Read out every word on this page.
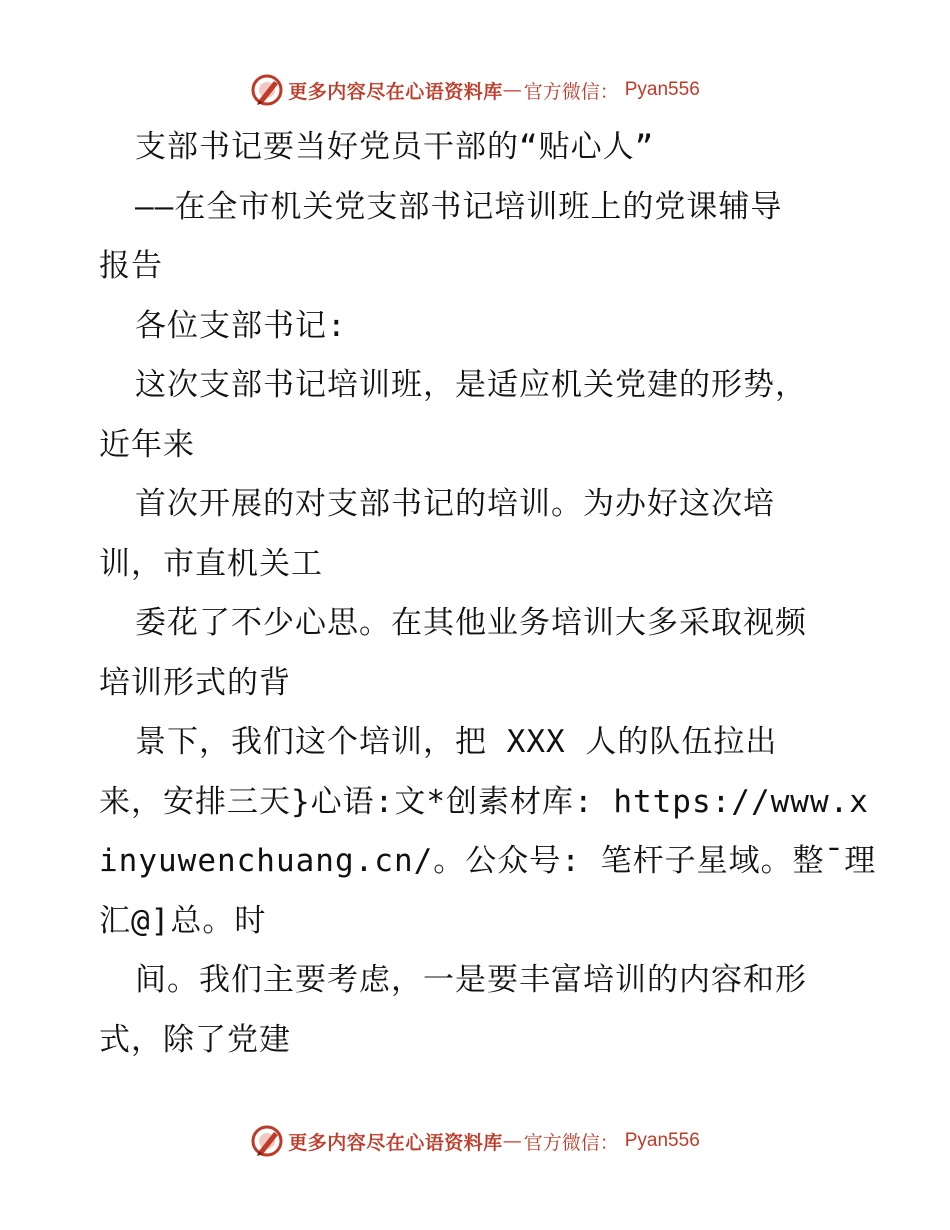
更多内容尽在心语资料库 — 官方微信： Pyan556
支部书记要当好党员干部的“贴心人”
——在全市机关党支部书记培训班上的党课辅导
报告
各位支部书记:
这次支部书记培训班，是适应机关党建的形势，
近年来
首次开展的对支部书记的培训。为办好这次培
训，市直机关工
委花了不少心思。在其他业务培训大多采取视频
培训形式的背
景下，我们这个培训，把 XXX 人的队伍拉出
来，安排三天}心语:文*创素材库: https://www.x
inyuwenchuang.cn/。公众号: 笔杆子星域。整¯理
汇@]总。时
间。我们主要考虑，一是要丰富培训的内容和形
式，除了党建
更多内容尽在心语资料库 — 官方微信： Pyan556
